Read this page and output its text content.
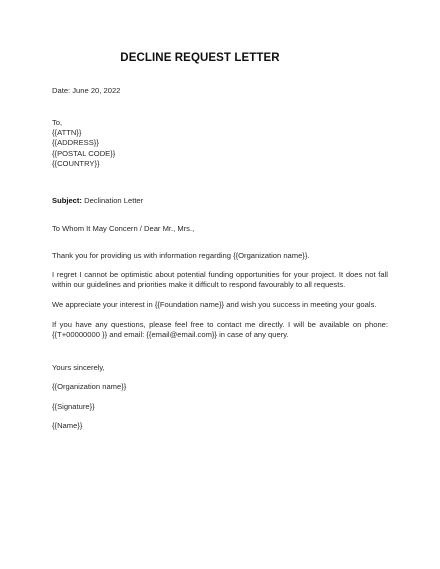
DECLINE REQUEST LETTER
Date: June 20, 2022
To,
{{ATTN}}
{{ADDRESS}}
{{POSTAL CODE}}
{{COUNTRY}}
Subject: Declination Letter
To Whom It May Concern / Dear Mr., Mrs.,
Thank you for providing us with information regarding {{Organization name}}.
I regret I cannot be optimistic about potential funding opportunities for your project. It does not fall within our guidelines and priorities make it difficult to respond favourably to all requests.
We appreciate your interest in {{Foundation name}} and wish you success in meeting your goals.
If you have any questions, please feel free to contact me directly. I will be available on phone: {{T+00000000 }} and email: {{email@email.com}} in case of any query.
Yours sincerely,
{{Organization name}}
{{Signature}}
{{Name}}
